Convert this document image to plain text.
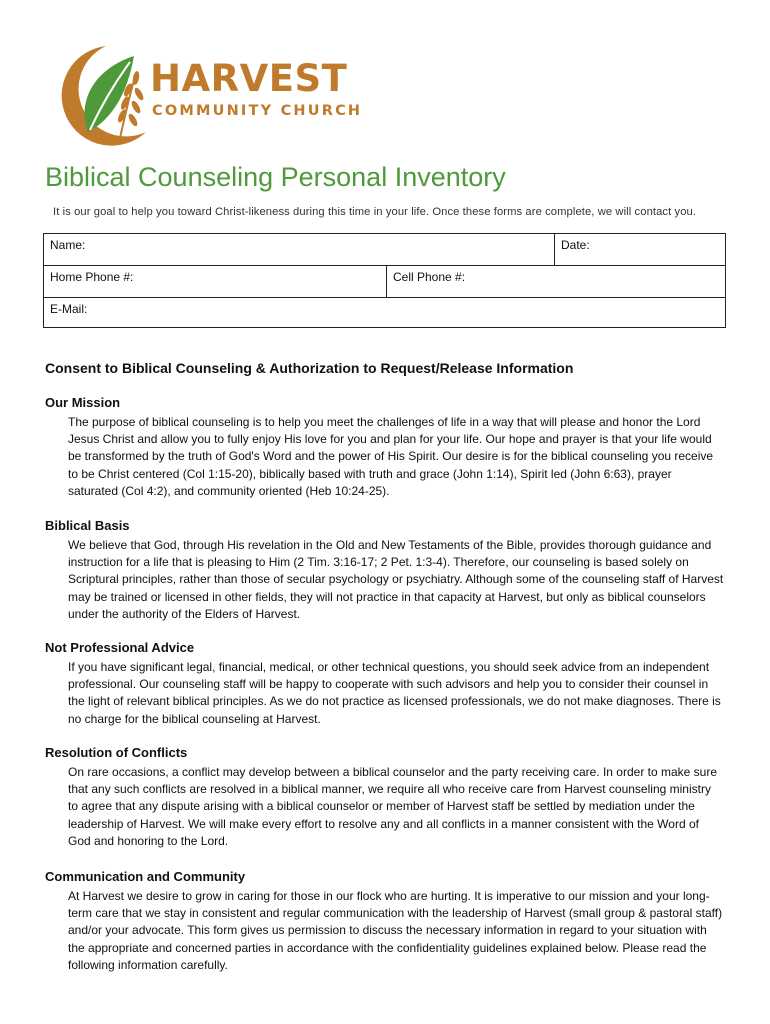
HARVEST
COMMUNITY CHURCH
Biblical Counseling Personal Inventory
It is our goal to help you toward Christ-likeness during this time in your life. Once these forms are complete, we will contact you.
Name:	Date:
Home Phone #:	Cell Phone #:
E-Mail:
Consent to Biblical Counseling & Authorization to Request/Release Information
Our Mission
The purpose of biblical counseling is to help you meet the challenges of life in a way that will please and honor the Lord Jesus Christ and allow you to fully enjoy His love for you and plan for your life. Our hope and prayer is that your life would be transformed by the truth of God's Word and the power of His Spirit. Our desire is for the biblical counseling you receive to be Christ centered (Col 1:15-20), biblically based with truth and grace (John 1:14), Spirit led (John 6:63), prayer saturated (Col 4:2), and community oriented (Heb 10:24-25).
Biblical Basis
We believe that God, through His revelation in the Old and New Testaments of the Bible, provides thorough guidance and instruction for a life that is pleasing to Him (2 Tim. 3:16-17; 2 Pet. 1:3-4). Therefore, our counseling is based solely on Scriptural principles, rather than those of secular psychology or psychiatry. Although some of the counseling staff of Harvest may be trained or licensed in other fields, they will not practice in that capacity at Harvest, but only as biblical counselors under the authority of the Elders of Harvest.
Not Professional Advice
If you have significant legal, financial, medical, or other technical questions, you should seek advice from an independent professional. Our counseling staff will be happy to cooperate with such advisors and help you to consider their counsel in the light of relevant biblical principles. As we do not practice as licensed professionals, we do not make diagnoses. There is no charge for the biblical counseling at Harvest.
Resolution of Conflicts
On rare occasions, a conflict may develop between a biblical counselor and the party receiving care. In order to make sure that any such conflicts are resolved in a biblical manner, we require all who receive care from Harvest counseling ministry to agree that any dispute arising with a biblical counselor or member of Harvest staff be settled by mediation under the leadership of Harvest. We will make every effort to resolve any and all conflicts in a manner consistent with the Word of God and honoring to the Lord.
Communication and Community
At Harvest we desire to grow in caring for those in our flock who are hurting. It is imperative to our mission and your long-term care that we stay in consistent and regular communication with the leadership of Harvest (small group & pastoral staff) and/or your advocate. This form gives us permission to discuss the necessary information in regard to your situation with the appropriate and concerned parties in accordance with the confidentiality guidelines explained below. Please read the following information carefully.
